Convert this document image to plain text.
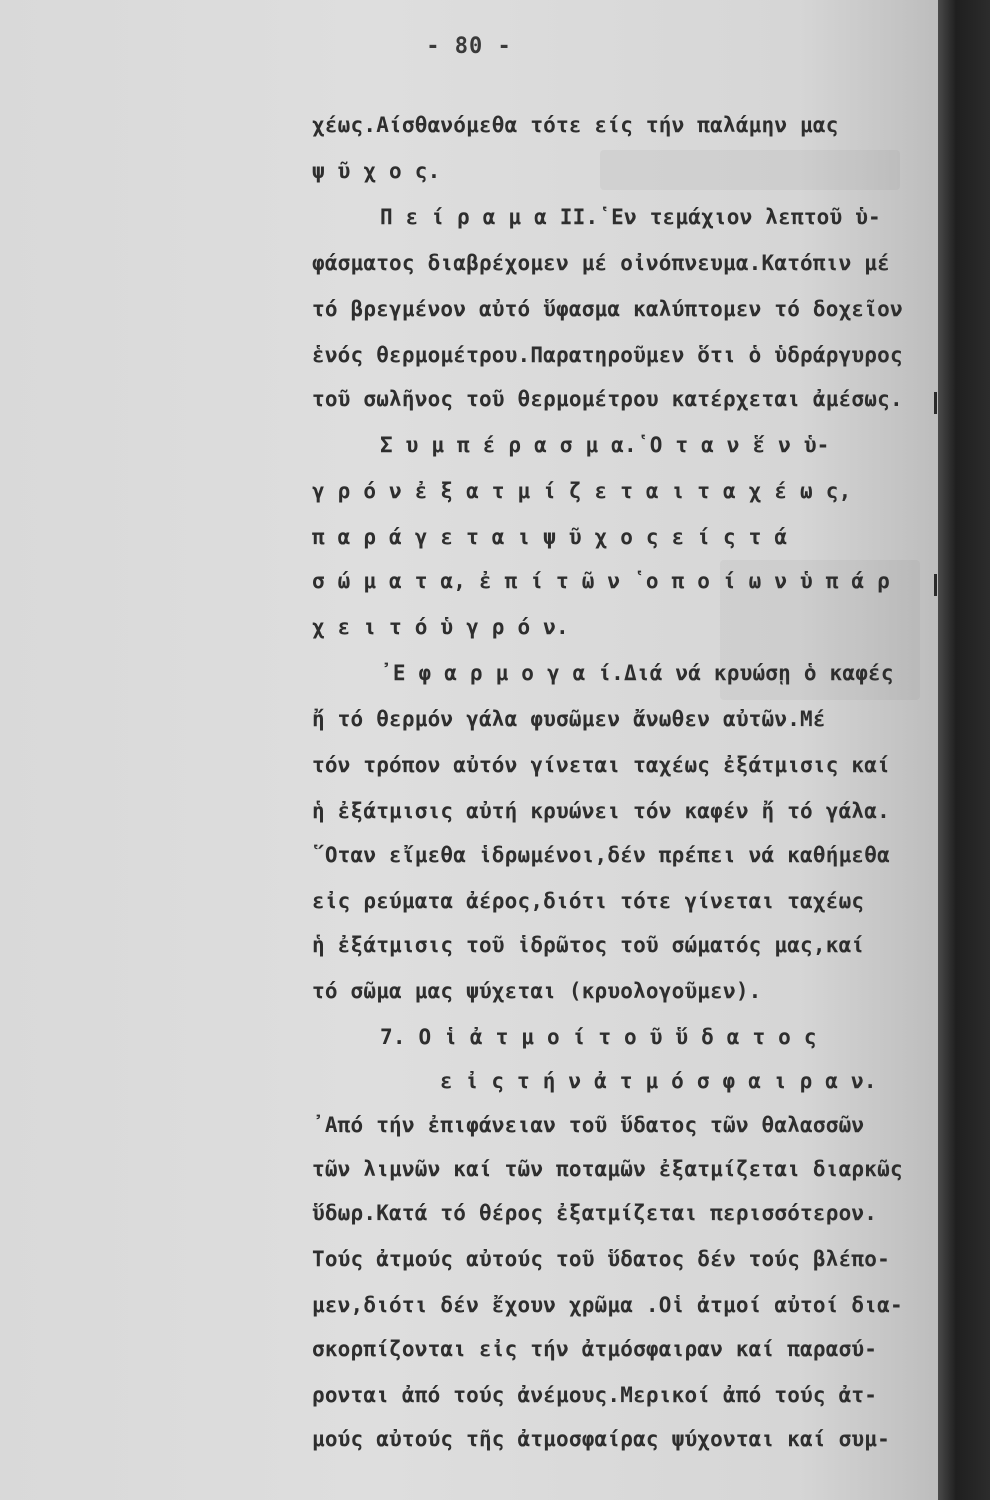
- 80 -
χέως.Αίσθανόμεθα τότε είς τήν παλάμην μας
ψ ῦ χ ο ς.
Π ε ί ρ α μ α ΙΙ.῾Εν τεμάχιον λεπτοῦ ὑ-
φάσματος διαβρέχομεν μέ οἰνόπνευμα.Κατόπιν μέ
τό βρεγμένον αὐτό ὕφασμα καλύπτομεν τό δοχεῖον
ἑνός θερμομέτρου.Παρατηροῦμεν ὅτι ὁ ὑδράργυρος
τοῦ σωλῆνος τοῦ θερμομέτρου κατέρχεται ἀμέσως.
Σ υ μ π έ ρ α σ μ α.῾Ο τ α ν ἕ ν ὑ-
γ ρ ό ν ἐ ξ α τ μ ί ζ ε τ α ι τ α χ έ ω ς,
π α ρ ά γ ε τ α ι ψ ῦ χ ο ς ε ί ς τ ά
σ ώ μ α τ α, ἐ π ί τ ῶ ν ῾ο π ο ί ω ν ὑ π ά ρ
χ ε ι τ ό ὑ γ ρ ό ν.
᾿Ε φ α ρ μ ο γ α ί.Διά νά κρυώσῃ ὁ καφές
ἤ τό θερμόν γάλα φυσῶμεν ἄνωθεν αὐτῶν.Μέ
τόν τρόπον αὐτόν γίνεται ταχέως ἐξάτμισις καί
ἡ ἐξάτμισις αὐτή κρυώνει τόν καφέν ἤ τό γάλα.
῞Οταν εἴμεθα ἱδρωμένοι,δέν πρέπει νά καθήμεθα
εἰς ρεύματα ἀέρος,διότι τότε γίνεται ταχέως
ἡ ἐξάτμισις τοῦ ἱδρῶτος τοῦ σώματός μας,καί
τό σῶμα μας ψύχεται (κρυολογοῦμεν).
7. Ο ἱ ἀ τ μ ο ί τ ο ῦ ὕ δ α τ ο ς
ε ἰ ς τ ή ν ἀ τ μ ό σ φ α ι ρ α ν.
᾿Από τήν ἐπιφάνειαν τοῦ ὕδατος τῶν θαλασσῶν
τῶν λιμνῶν καί τῶν ποταμῶν ἐξατμίζεται διαρκῶς
ὕδωρ.Κατά τό θέρος ἐξατμίζεται περισσότερον.
Τούς ἀτμούς αὐτούς τοῦ ὕδατος δέν τούς βλέπο-
μεν,διότι δέν ἔχουν χρῶμα .Οἱ ἀτμοί αὐτοί δια-
σκορπίζονται εἰς τήν ἀτμόσφαιραν καί παρασύ-
ρονται ἀπό τούς ἀνέμους.Μερικοί ἀπό τούς ἀτ-
μούς αὐτούς τῆς ἀτμοσφαίρας ψύχονται καί συμ-
